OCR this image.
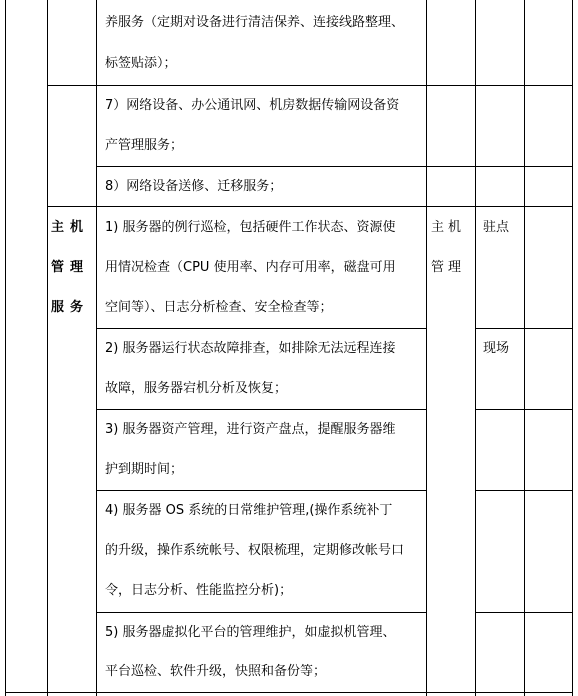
养服务（定期对设备进行清洁保养、连接线路整理、
标签贴添）；
7）网络设备、办公通讯网、机房数据传输网设备资
产管理服务；
8）网络设备送修、迁移服务；
主机
管理
服务
主机
管理
1) 服务器的例行巡检，包括硬件工作状态、资源使
用情况检查（CPU 使用率、内存可用率，磁盘可用
空间等）、日志分析检查、安全检查等；
驻点
2) 服务器运行状态故障排查，如排除无法远程连接
故障，服务器宕机分析及恢复；
现场
3) 服务器资产管理，进行资产盘点，提醒服务器维
护到期时间；
4) 服务器 OS 系统的日常维护管理,(操作系统补丁
的升级，操作系统帐号、权限梳理，定期修改帐号口
令，日志分析、性能监控分析)；
5) 服务器虚拟化平台的管理维护，如虚拟机管理、
平台巡检、软件升级，快照和备份等；
